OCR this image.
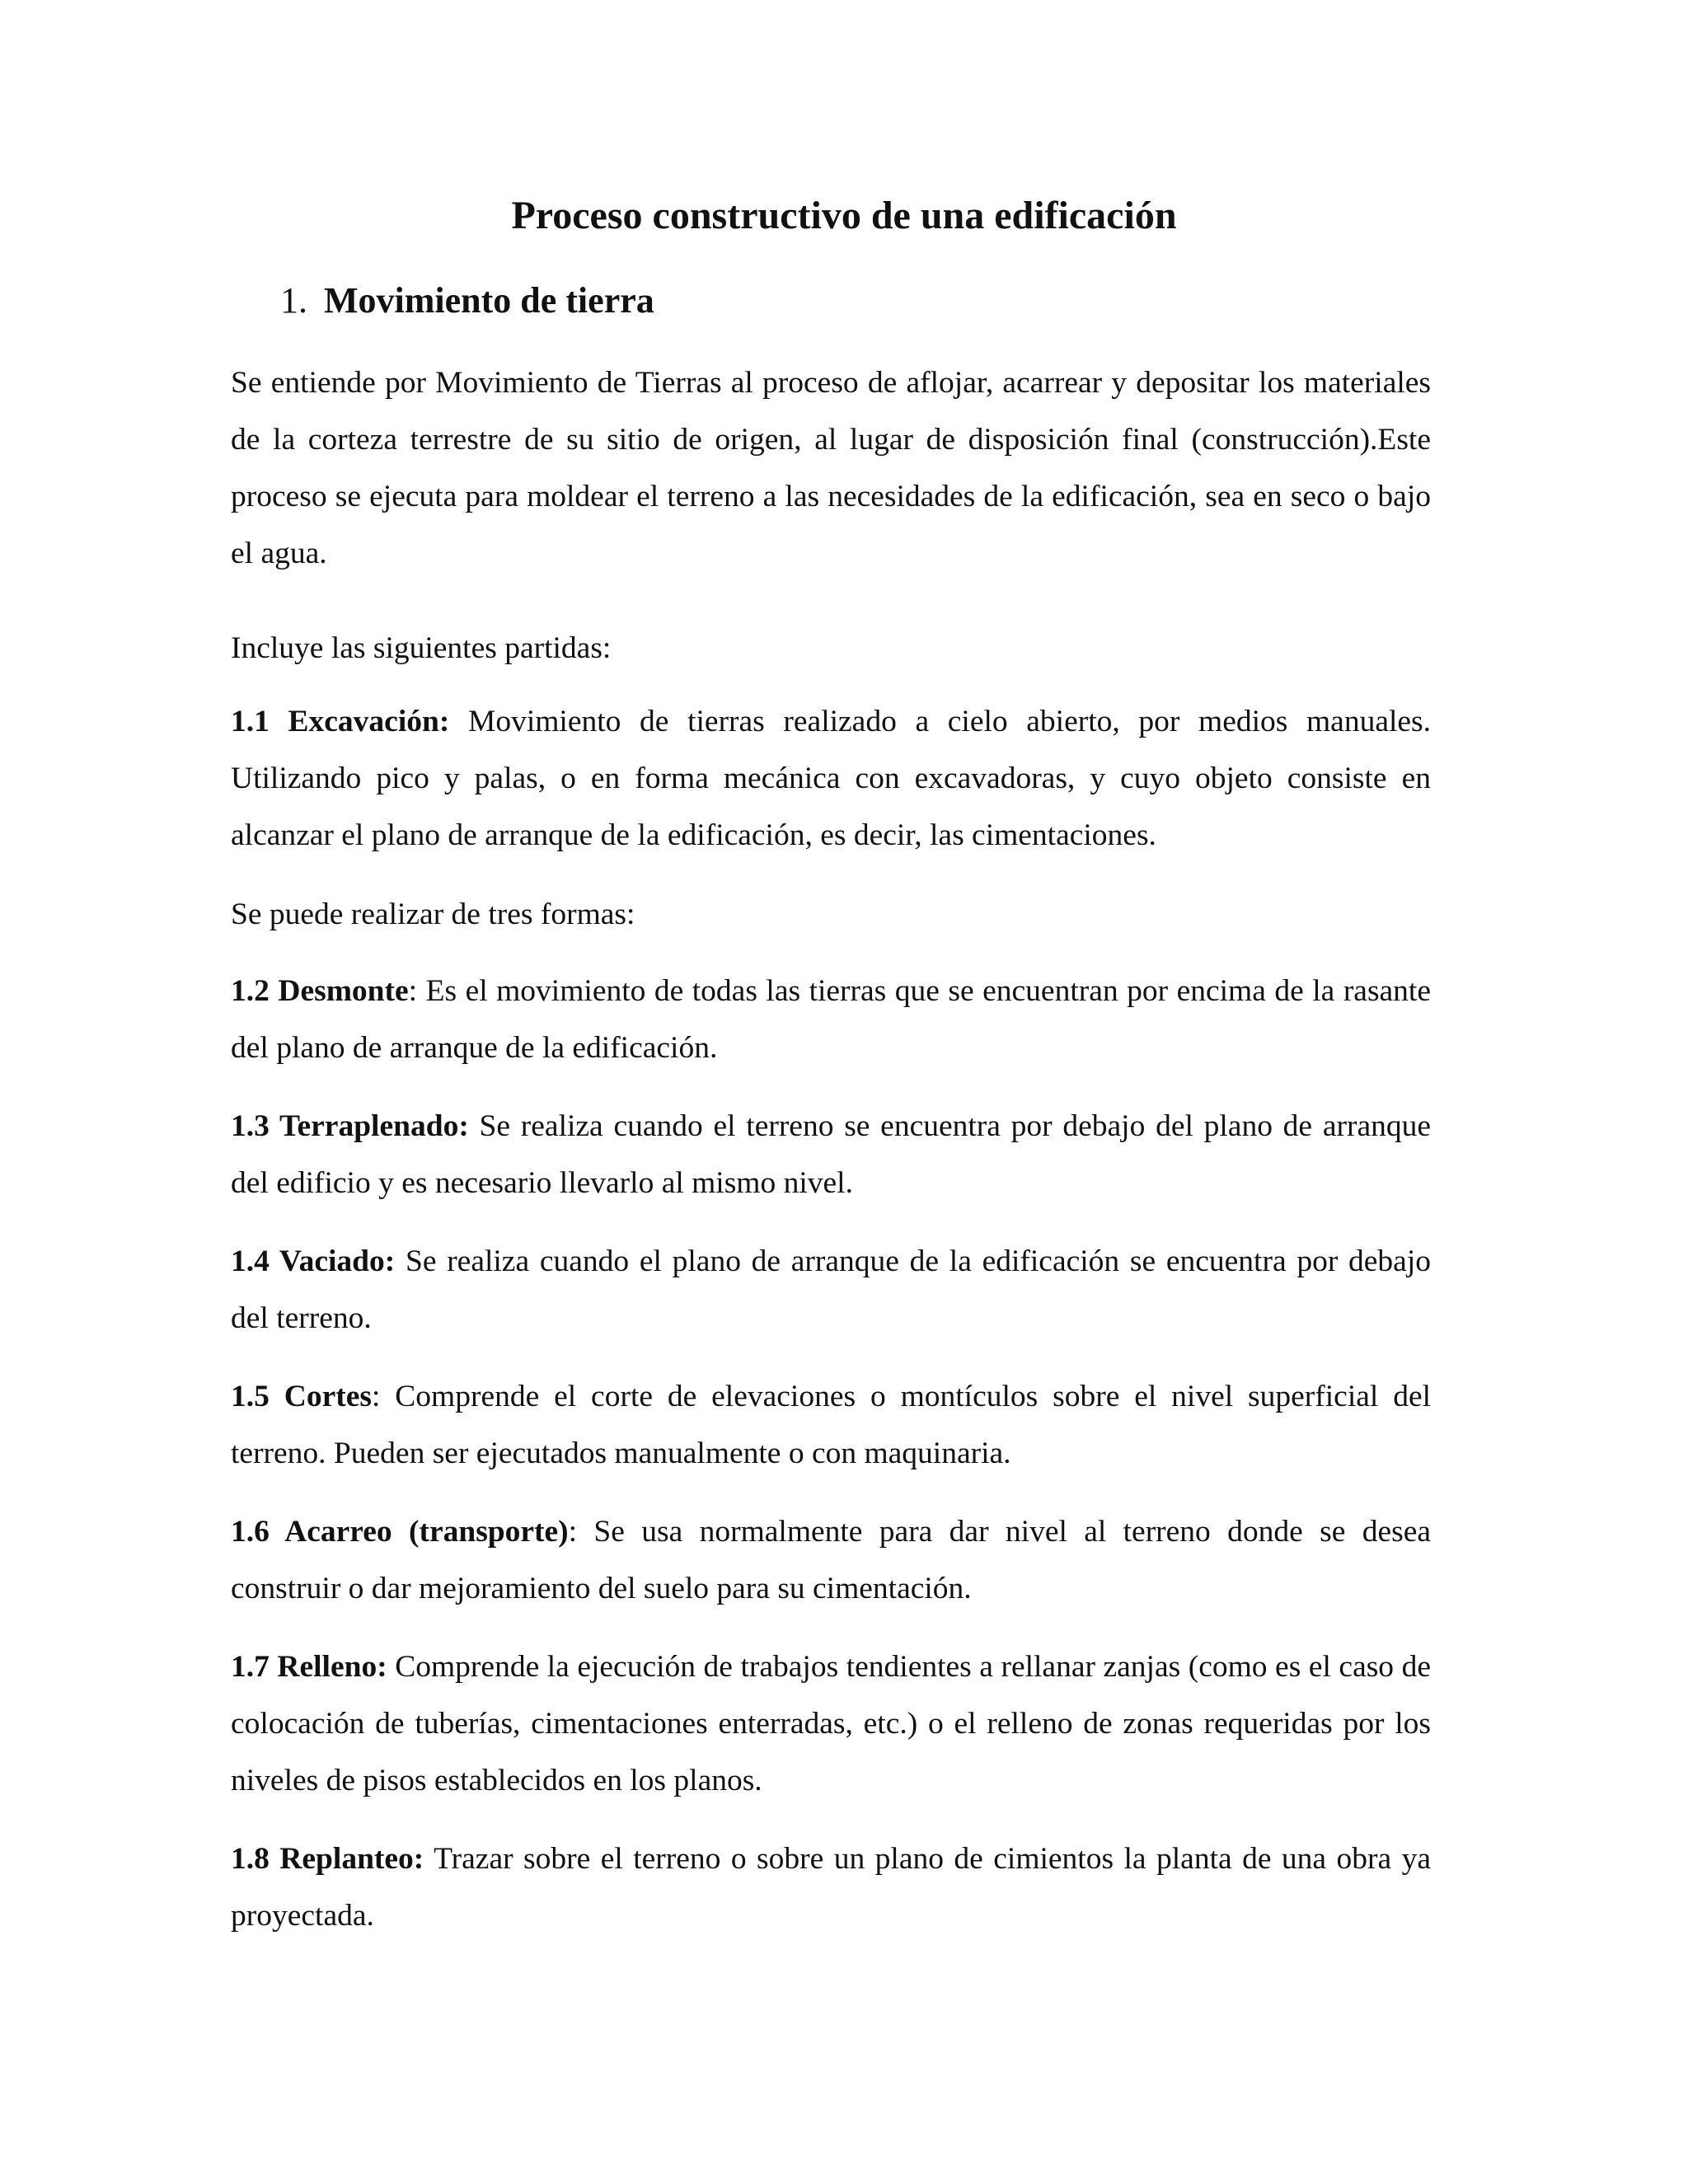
Proceso constructivo de una edificación
1. Movimiento de tierra

Se entiende por Movimiento de Tierras al proceso de aflojar, acarrear y depositar los materiales de la corteza terrestre de su sitio de origen, al lugar de disposición final (construcción).Este proceso se ejecuta para moldear el terreno a las necesidades de la edificación, sea en seco o bajo el agua.

Incluye las siguientes partidas:

1.1 Excavación: Movimiento de tierras realizado a cielo abierto, por medios manuales. Utilizando pico y palas, o en forma mecánica con excavadoras, y cuyo objeto consiste en alcanzar el plano de arranque de la edificación, es decir, las cimentaciones.

Se puede realizar de tres formas:

1.2 Desmonte: Es el movimiento de todas las tierras que se encuentran por encima de la rasante del plano de arranque de la edificación.

1.3 Terraplenado: Se realiza cuando el terreno se encuentra por debajo del plano de arranque del edificio y es necesario llevarlo al mismo nivel.

1.4 Vaciado: Se realiza cuando el plano de arranque de la edificación se encuentra por debajo del terreno.

1.5 Cortes: Comprende el corte de elevaciones o montículos sobre el nivel superficial del terreno. Pueden ser ejecutados manualmente o con maquinaria.

1.6 Acarreo (transporte): Se usa normalmente para dar nivel al terreno donde se desea construir o dar mejoramiento del suelo para su cimentación.

1.7 Relleno: Comprende la ejecución de trabajos tendientes a rellanar zanjas (como es el caso de colocación de tuberías, cimentaciones enterradas, etc.) o el relleno de zonas requeridas por los niveles de pisos establecidos en los planos.

1.8 Replanteo: Trazar sobre el terreno o sobre un plano de cimientos la planta de una obra ya proyectada.
